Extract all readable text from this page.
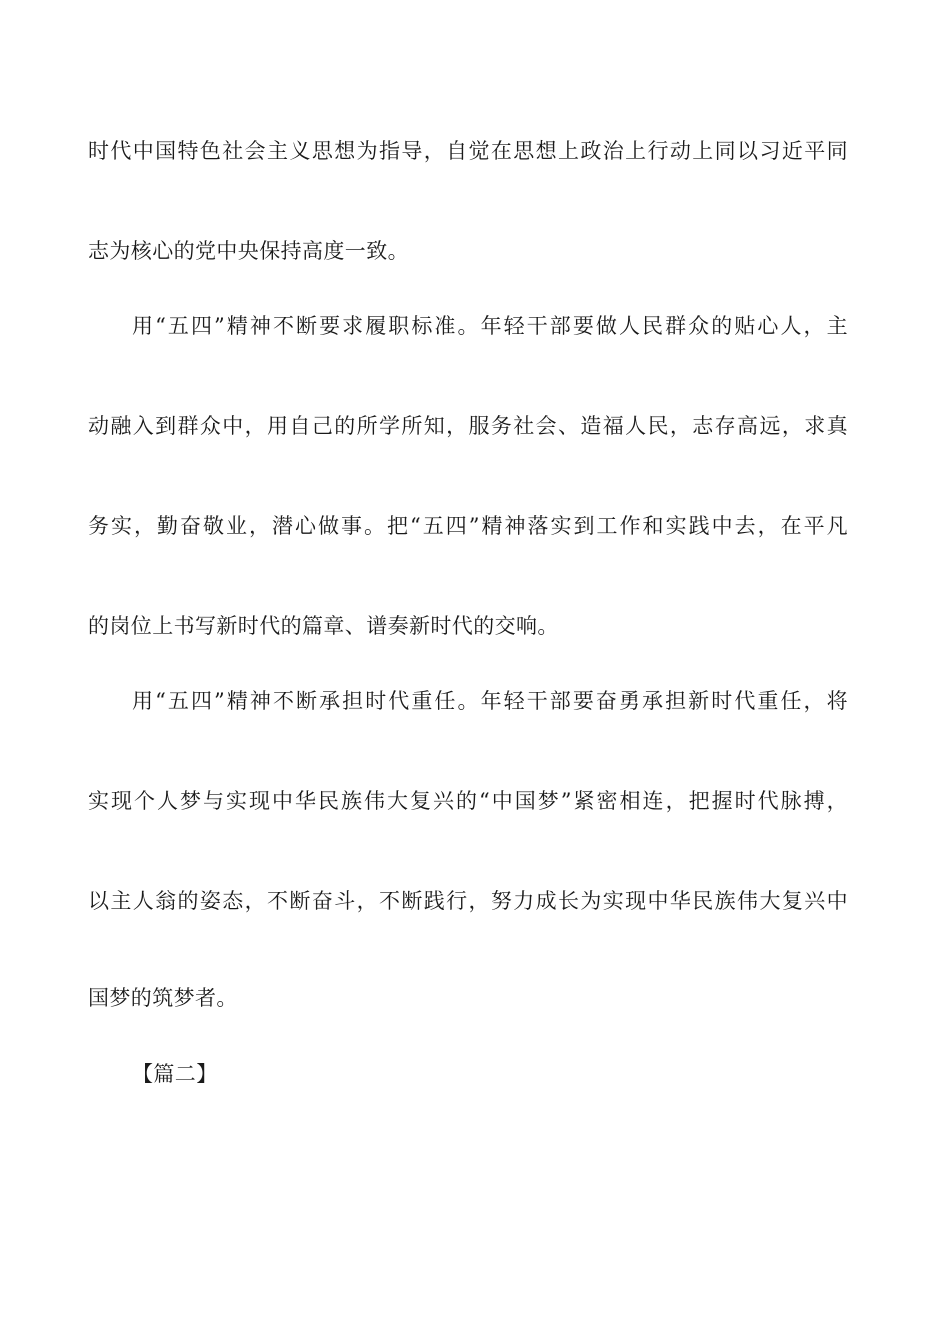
时代中国特色社会主义思想为指导，自觉在思想上政治上行动上同以习近平同
志为核心的党中央保持高度一致。
用“五四”精神不断要求履职标准。年轻干部要做人民群众的贴心人，主
动融入到群众中，用自己的所学所知，服务社会、造福人民，志存高远，求真
务实，勤奋敬业，潜心做事。把“五四”精神落实到工作和实践中去，在平凡
的岗位上书写新时代的篇章、谱奏新时代的交响。
用“五四”精神不断承担时代重任。年轻干部要奋勇承担新时代重任，将
实现个人梦与实现中华民族伟大复兴的“中国梦”紧密相连，把握时代脉搏，
以主人翁的姿态，不断奋斗，不断践行，努力成长为实现中华民族伟大复兴中
国梦的筑梦者。
【篇二】
